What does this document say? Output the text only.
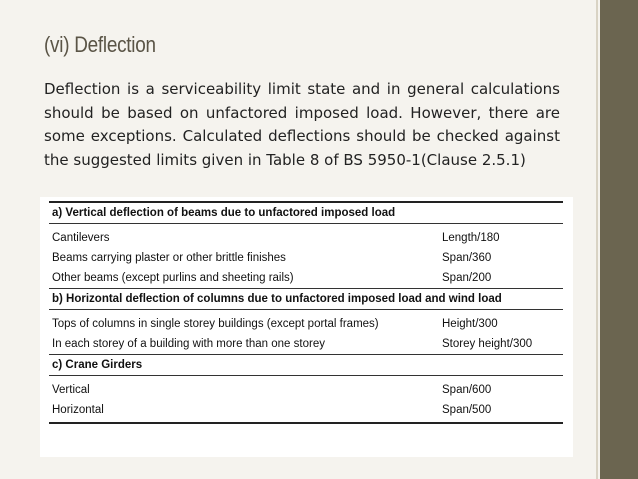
(vi) Deflection

Deflection is a serviceability limit state and in general calculations should be based on unfactored imposed load. However, there are some exceptions. Calculated deflections should be checked against the suggested limits given in Table 8 of BS 5950-1(Clause 2.5.1)

a) Vertical deflection of beams due to unfactored imposed load	

Cantilevers	Length/180
Beams carrying plaster or other brittle finishes	Span/360
Other beams (except purlins and sheeting rails)	Span/200
b) Horizontal deflection of columns due to unfactored imposed load and wind load	

Tops of columns in single storey buildings (except portal frames)	Height/300
In each storey of a building with more than one storey	Storey height/300
c) Crane Girders	

Vertical	Span/600
Horizontal	Span/500
